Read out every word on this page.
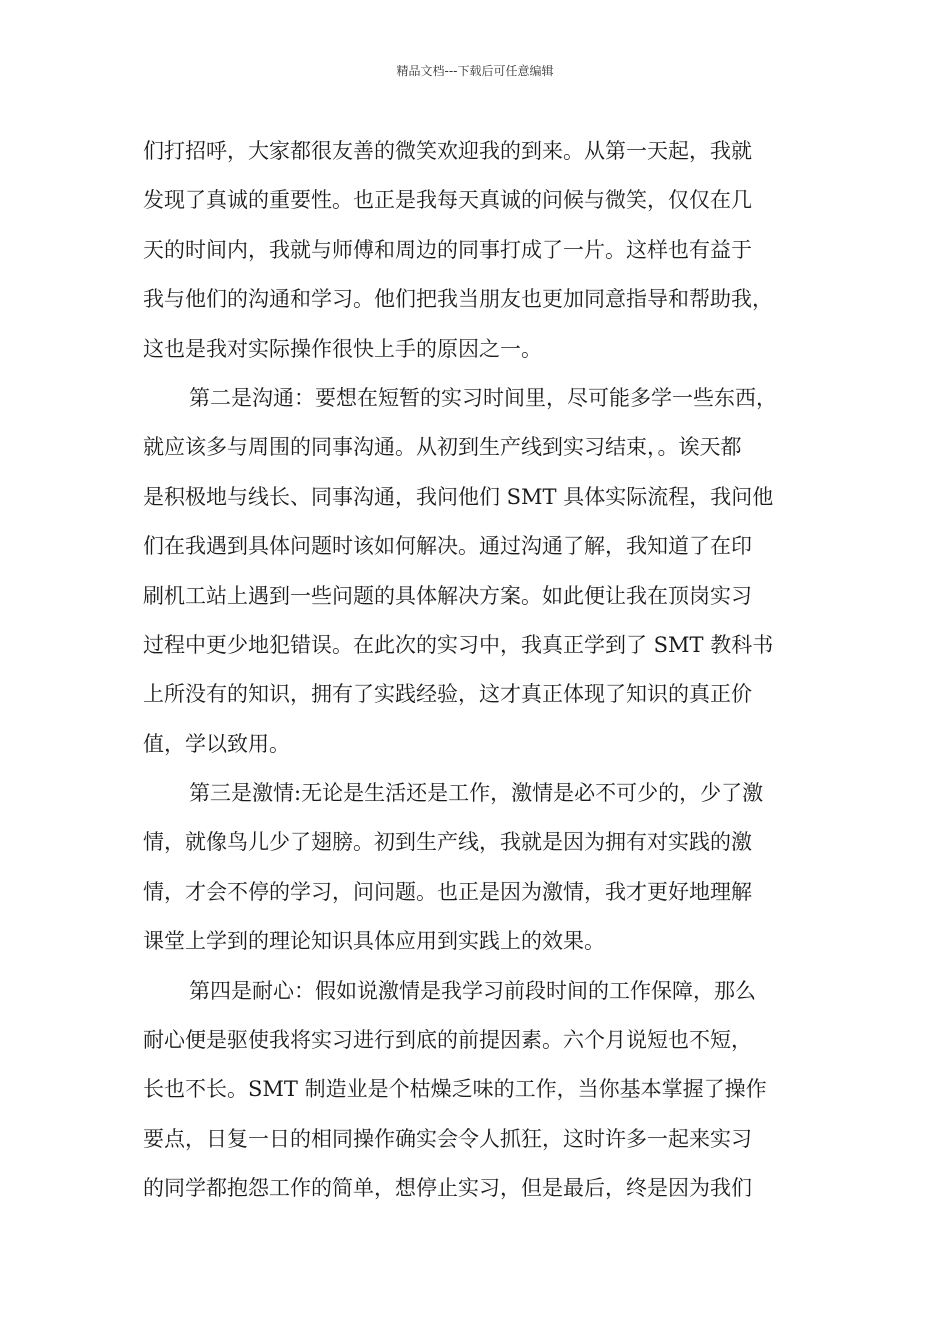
精品文档---下载后可任意编辑
们打招呼，大家都很友善的微笑欢迎我的到来。从第一天起，我就
发现了真诚的重要性。也正是我每天真诚的问候与微笑，仅仅在几
天的时间内，我就与师傅和周边的同事打成了一片。这样也有益于
我与他们的沟通和学习。他们把我当朋友也更加同意指导和帮助我，
这也是我对实际操作很快上手的原因之一。
第二是沟通：要想在短暂的实习时间里，尽可能多学一些东西，
就应该多与周围的同事沟通。从初到生产线到实习结束，。诶天都
是积极地与线长、同事沟通，我问他们 SMT 具体实际流程，我问他
们在我遇到具体问题时该如何解决。通过沟通了解，我知道了在印
刷机工站上遇到一些问题的具体解决方案。如此便让我在顶岗实习
过程中更少地犯错误。在此次的实习中，我真正学到了 SMT 教科书
上所没有的知识，拥有了实践经验，这才真正体现了知识的真正价
值，学以致用。
第三是激情:无论是生活还是工作，激情是必不可少的，少了激
情，就像鸟儿少了翅膀。初到生产线，我就是因为拥有对实践的激
情，才会不停的学习，问问题。也正是因为激情，我才更好地理解
课堂上学到的理论知识具体应用到实践上的效果。
第四是耐心：假如说激情是我学习前段时间的工作保障，那么
耐心便是驱使我将实习进行到底的前提因素。六个月说短也不短，
长也不长。SMT 制造业是个枯燥乏味的工作，当你基本掌握了操作
要点，日复一日的相同操作确实会令人抓狂，这时许多一起来实习
的同学都抱怨工作的简单，想停止实习，但是最后，终是因为我们
